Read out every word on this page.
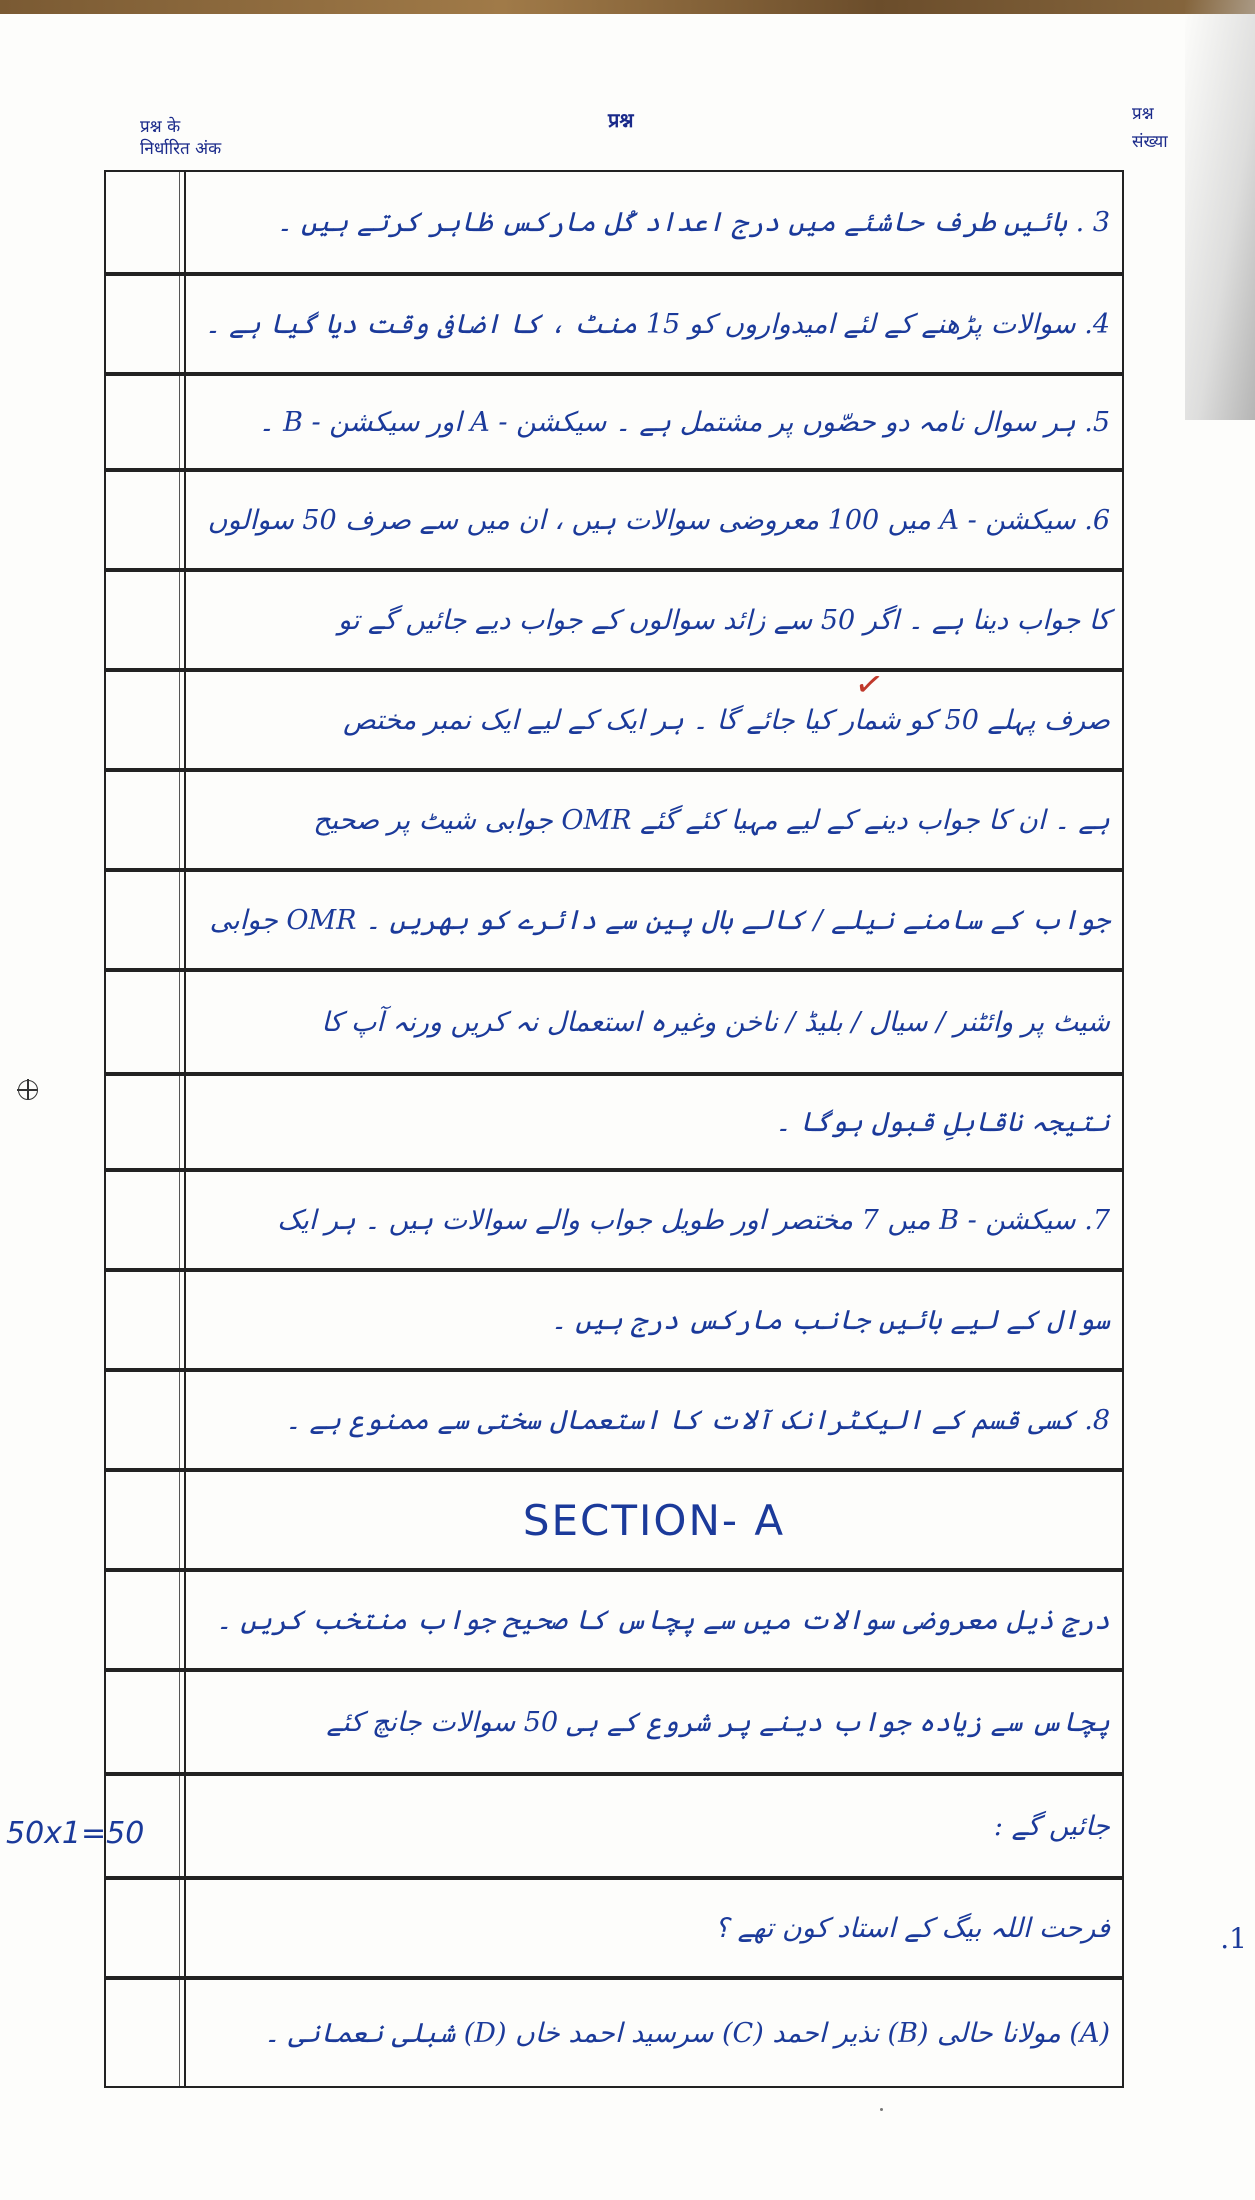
प्रश्न के
निर्धारित अंक
प्रश्न	प्रश्न
संख्या
3 . بائیں طرف حاشئے میں درج اعداد کُل مارکس ظاہر کرتے ہیں ۔
4. سوالات پڑھنے کے لئے امیدواروں کو 15 منٹ ، کا اضافی وقت دیا گیا ہے ۔
5. ہر سوال نامہ دو حصّوں پر مشتمل ہے ۔ سیکشن - A اور سیکشن - B ۔
6. سیکشن - A میں 100 معروضی سوالات ہیں ، ان میں سے صرف 50 سوالوں
کا جواب دینا ہے ۔ اگر 50 سے زائد سوالوں کے جواب دیے جائیں گے تو
صرف پہلے 50 کو شمار کیا جائے گا ۔ ہر ایک کے لیے ایک نمبر مختص
ہے ۔ ان کا جواب دینے کے لیے مہیا کئے گئے OMR جوابی شیٹ پر صحیح
جواب کے سامنے نیلے / کالے بال پین سے دائرے کو بھریں ۔ OMR جوابی
شیٹ پر وائٹنر / سیال / بلیڈ / ناخن وغیرہ استعمال نہ کریں ورنہ آپ کا
نتیجہ ناقابلِ قبول ہوگا ۔
7. سیکشن - B میں 7 مختصر اور طویل جواب والے سوالات ہیں ۔ ہر ایک
سوال کے لیے بائیں جانب مارکس درج ہیں ۔
8. کسی قسم کے الیکٹرانک آلات کا استعمال سختی سے ممنوع ہے ۔
SECTION- A
درجِ ذیل معروضی سوالات میں سے پچاس کا صحیح جواب منتخب کریں ۔
پچاس سے زیادہ جواب دینے پر شروع کے ہی 50 سوالات جانچ کئے
جائیں گے :
فرحت اللہ بیگ کے استاد کون تھے ؟
(A) مولانا حالی (B) نذیر احمد (C) سرسید احمد خاں (D) شبلی نعمانی ۔
50x1=50
.1
✓
